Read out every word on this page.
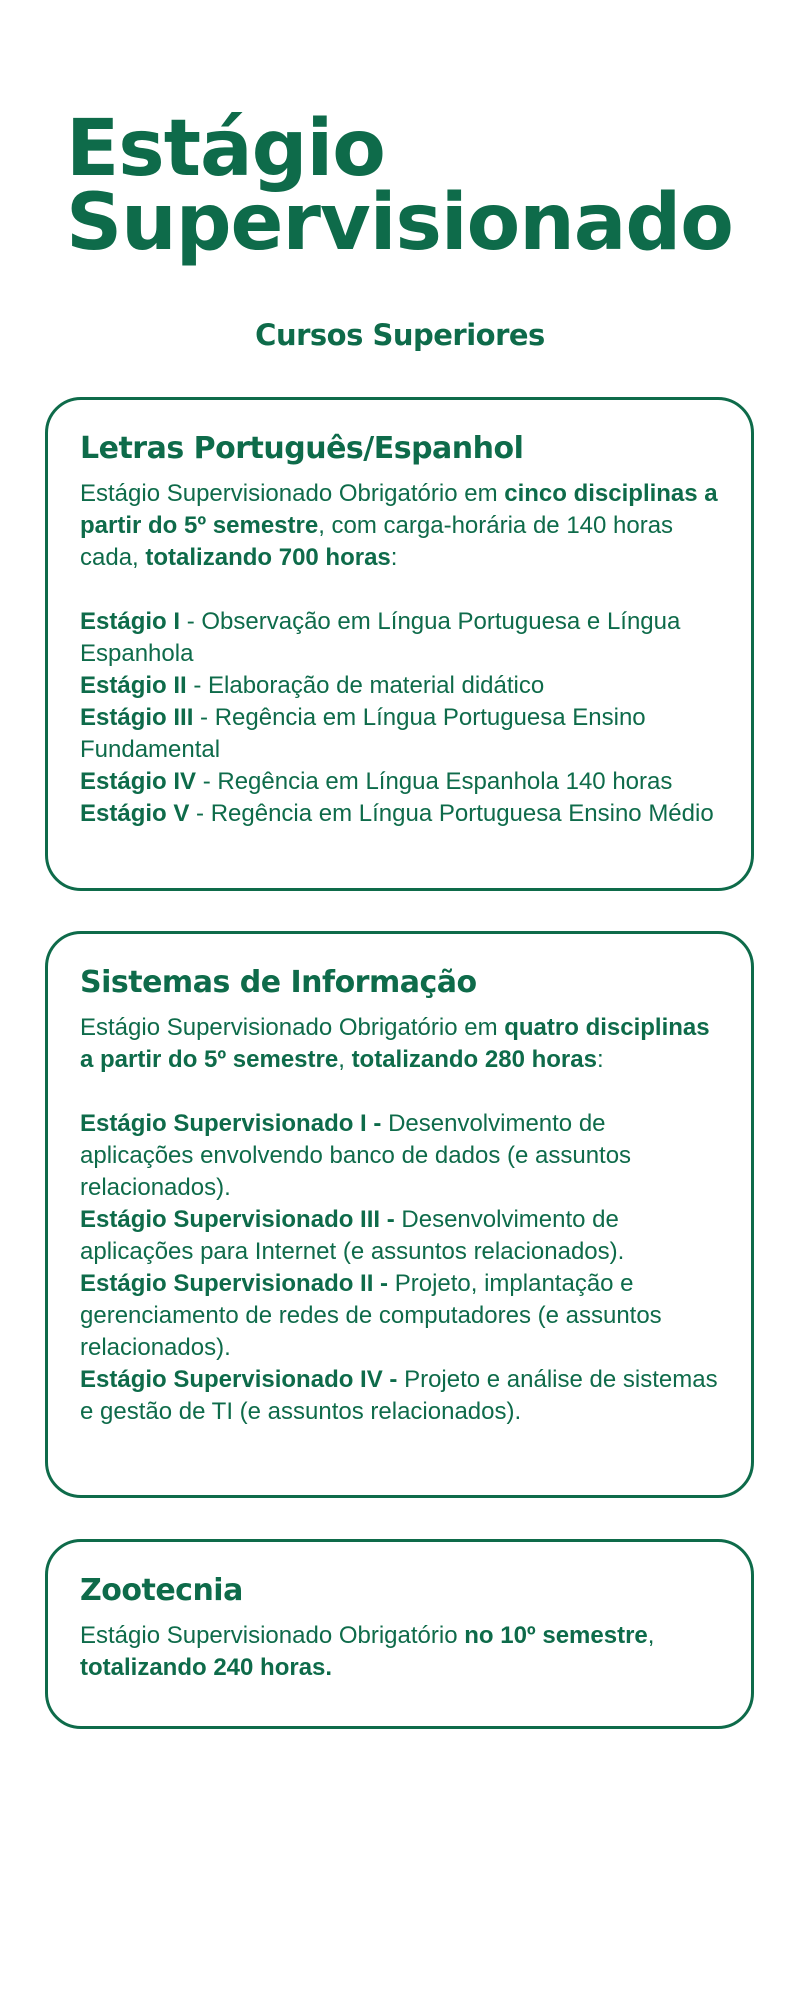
Estágio
Supervisionado
Cursos Superiores
Letras Português/Espanhol

Estágio Supervisionado Obrigatório em cinco disciplinas a partir do 5º semestre, com carga-horária de 140 horas cada, totalizando 700 horas:

Estágio I - Observação em Língua Portuguesa e Língua Espanhola
Estágio II - Elaboração de material didático
Estágio III - Regência em Língua Portuguesa Ensino Fundamental
Estágio IV - Regência em Língua Espanhola 140 horas
Estágio V - Regência em Língua Portuguesa Ensino Médio

Sistemas de Informação

Estágio Supervisionado Obrigatório em quatro disciplinas a partir do 5º semestre, totalizando 280 horas:

Estágio Supervisionado I - Desenvolvimento de aplicações envolvendo banco de dados (e assuntos relacionados).
Estágio Supervisionado III - Desenvolvimento de aplicações para Internet (e assuntos relacionados).
Estágio Supervisionado II - Projeto, implantação e gerenciamento de redes de computadores (e assuntos relacionados).
Estágio Supervisionado IV - Projeto e análise de sistemas e gestão de TI (e assuntos relacionados).

Zootecnia

Estágio Supervisionado Obrigatório no 10º semestre, totalizando 240 horas.
